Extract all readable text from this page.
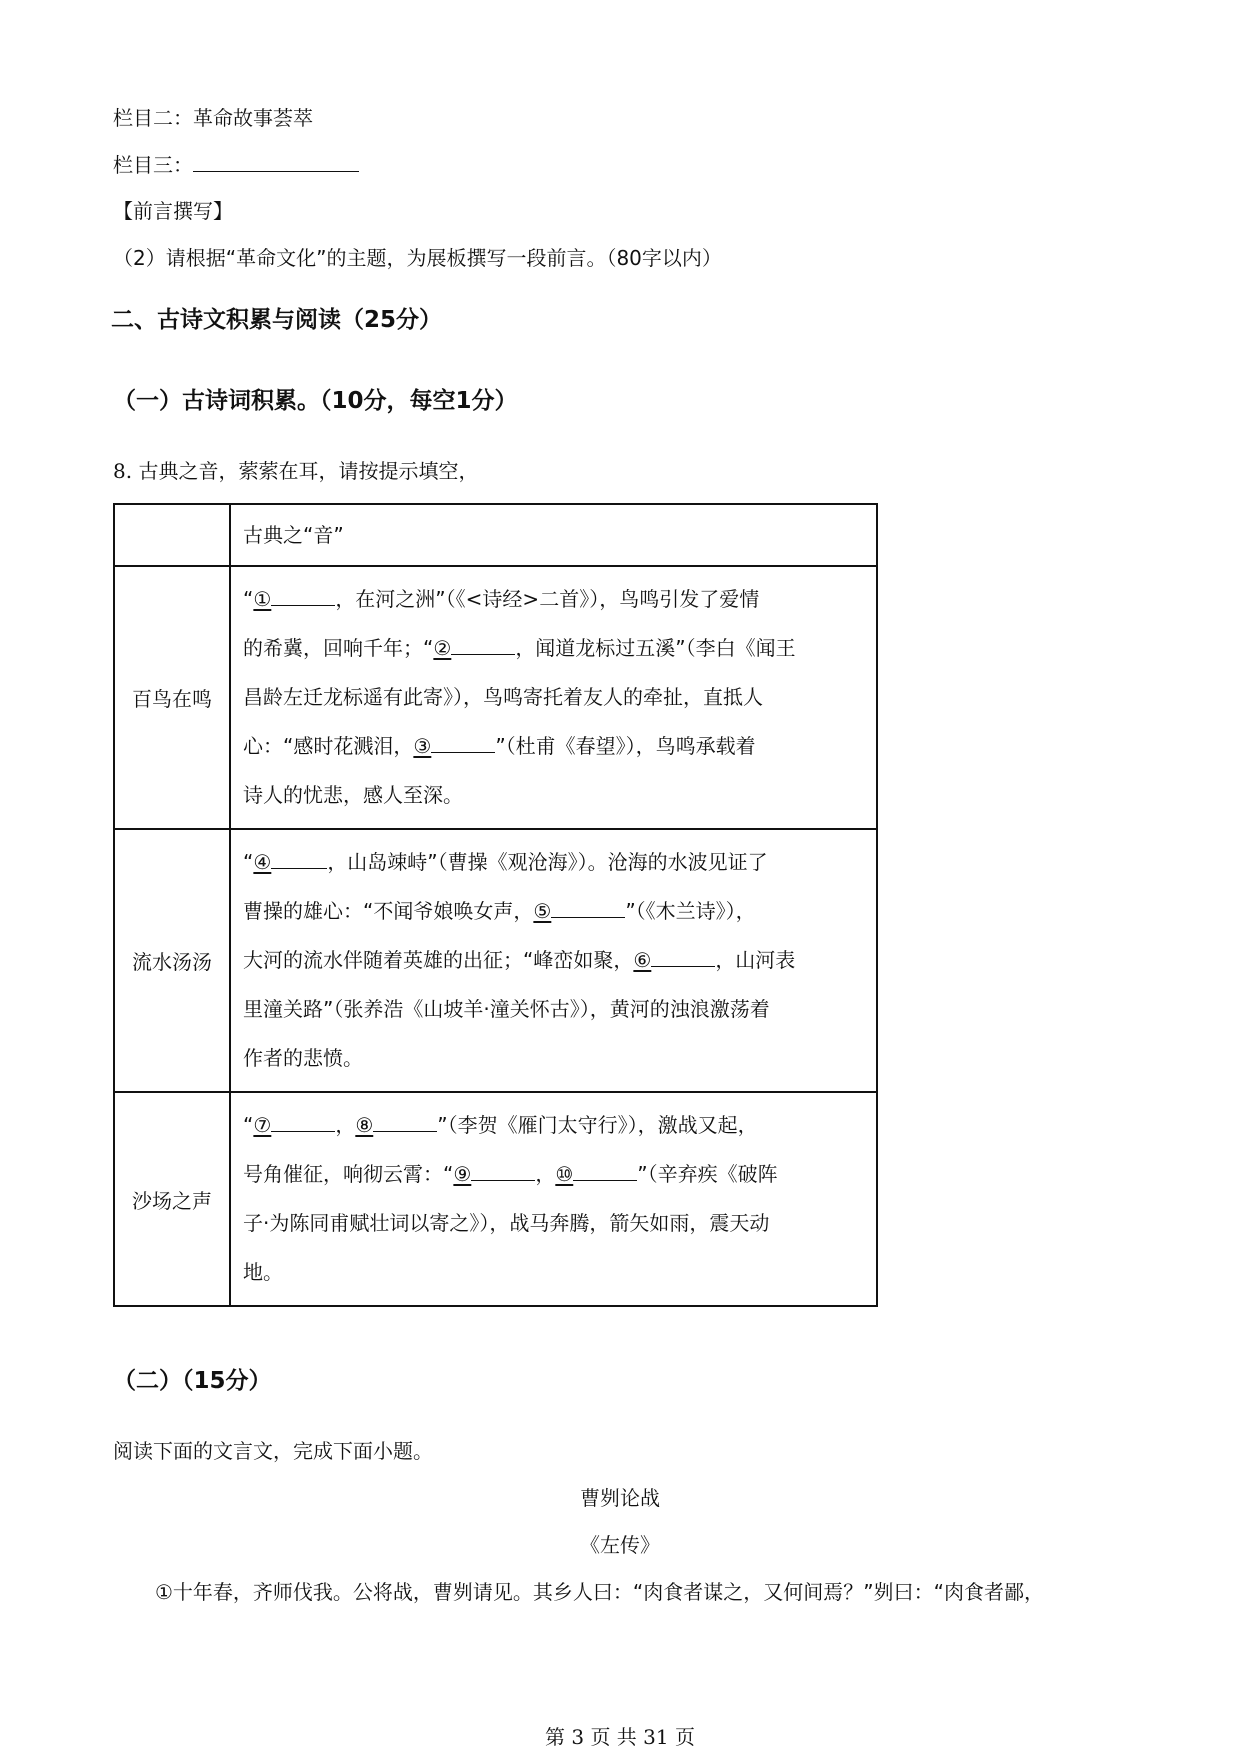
栏目二：革命故事荟萃
栏目三：
【前言撰写】
（2）请根据“革命文化”的主题，为展板撰写一段前言。（80字以内）
二、古诗文积累与阅读（25分）
（一）古诗词积累。（10分，每空1分）
8. 古典之音，萦萦在耳，请按提示填空，
	古典之“音”
百鸟在鸣	“① ，在河之洲”（《<诗经>二首》），鸟鸣引发了爱情
的希冀，回响千年；“② ，闻道龙标过五溪”（李白《闻王
昌龄左迁龙标遥有此寄》），鸟鸣寄托着友人的牵扯，直抵人
心：“感时花溅泪，③ ”（杜甫《春望》），鸟鸣承载着
诗人的忧悲，感人至深。
流水汤汤	“④ ，山岛竦峙”（曹操《观沧海》）。沧海的水波见证了
曹操的雄心：“不闻爷娘唤女声，⑤ ”（《木兰诗》），
大河的流水伴随着英雄的出征；“峰峦如聚，⑥ ，山河表
里潼关路”（张养浩《山坡羊·潼关怀古》），黄河的浊浪激荡着
作者的悲愤。
沙场之声	“⑦ ，⑧ ”（李贺《雁门太守行》），激战又起，
号角催征，响彻云霄：“⑨ ，⑩ ”（辛弃疾《破阵
子·为陈同甫赋壮词以寄之》），战马奔腾，箭矢如雨，震天动
地。
（二）（15分）
阅读下面的文言文，完成下面小题。
曹刿论战
《左传》
①十年春，齐师伐我。公将战，曹刿请见。其乡人曰：“肉食者谋之，又何间焉？”刿曰：“肉食者鄙，
第 3 页 共 31 页
